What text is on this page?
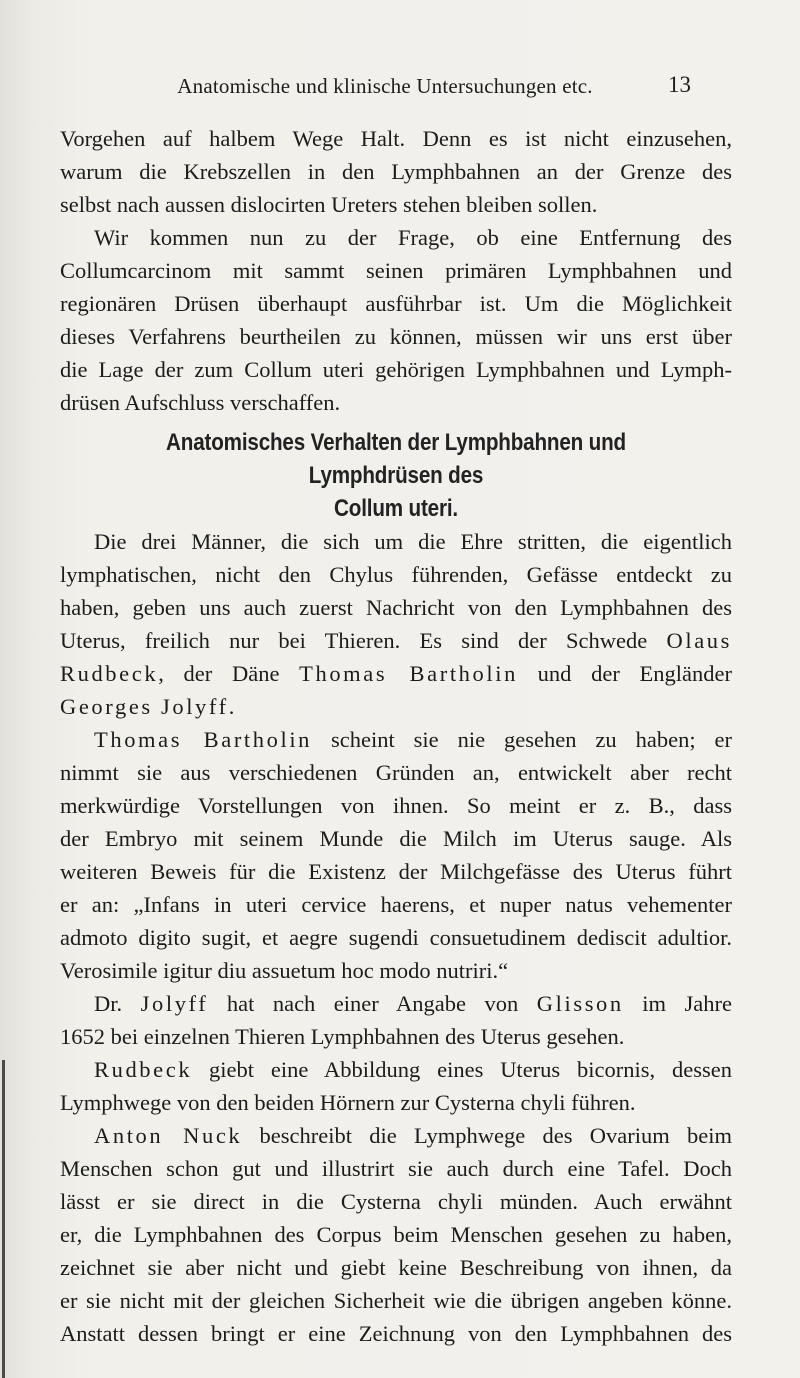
Anatomische und klinische Untersuchungen etc.	13
Vorgehen auf halbem Wege Halt. Denn es ist nicht einzusehen,
warum die Krebszellen in den Lymphbahnen an der Grenze des
selbst nach aussen dislocirten Ureters stehen bleiben sollen.
Wir kommen nun zu der Frage, ob eine Entfernung des
Collumcarcinom mit sammt seinen primären Lymphbahnen und
regionären Drüsen überhaupt ausführbar ist. Um die Möglichkeit
dieses Verfahrens beurtheilen zu können, müssen wir uns erst über
die Lage der zum Collum uteri gehörigen Lymphbahnen und Lymph-
drüsen Aufschluss verschaffen.
Anatomisches Verhalten der Lymphbahnen und Lymphdrüsen des
Collum uteri.
Die drei Männer, die sich um die Ehre stritten, die eigentlich
lymphatischen, nicht den Chylus führenden, Gefässe entdeckt zu
haben, geben uns auch zuerst Nachricht von den Lymphbahnen des
Uterus, freilich nur bei Thieren. Es sind der Schwede Olaus
Rudbeck, der Däne Thomas Bartholin und der Engländer
Georges Jolyff.
Thomas Bartholin scheint sie nie gesehen zu haben; er
nimmt sie aus verschiedenen Gründen an, entwickelt aber recht
merkwürdige Vorstellungen von ihnen. So meint er z. B., dass
der Embryo mit seinem Munde die Milch im Uterus sauge. Als
weiteren Beweis für die Existenz der Milchgefässe des Uterus führt
er an: „Infans in uteri cervice haerens, et nuper natus vehementer
admoto digito sugit, et aegre sugendi consuetudinem dediscit adultior.
Verosimile igitur diu assuetum hoc modo nutriri.“
Dr. Jolyff hat nach einer Angabe von Glisson im Jahre
1652 bei einzelnen Thieren Lymphbahnen des Uterus gesehen.
Rudbeck giebt eine Abbildung eines Uterus bicornis, dessen
Lymphwege von den beiden Hörnern zur Cysterna chyli führen.
Anton Nuck beschreibt die Lymphwege des Ovarium beim
Menschen schon gut und illustrirt sie auch durch eine Tafel. Doch
lässt er sie direct in die Cysterna chyli münden. Auch erwähnt
er, die Lymphbahnen des Corpus beim Menschen gesehen zu haben,
zeichnet sie aber nicht und giebt keine Beschreibung von ihnen, da
er sie nicht mit der gleichen Sicherheit wie die übrigen angeben könne.
Anstatt dessen bringt er eine Zeichnung von den Lymphbahnen des
